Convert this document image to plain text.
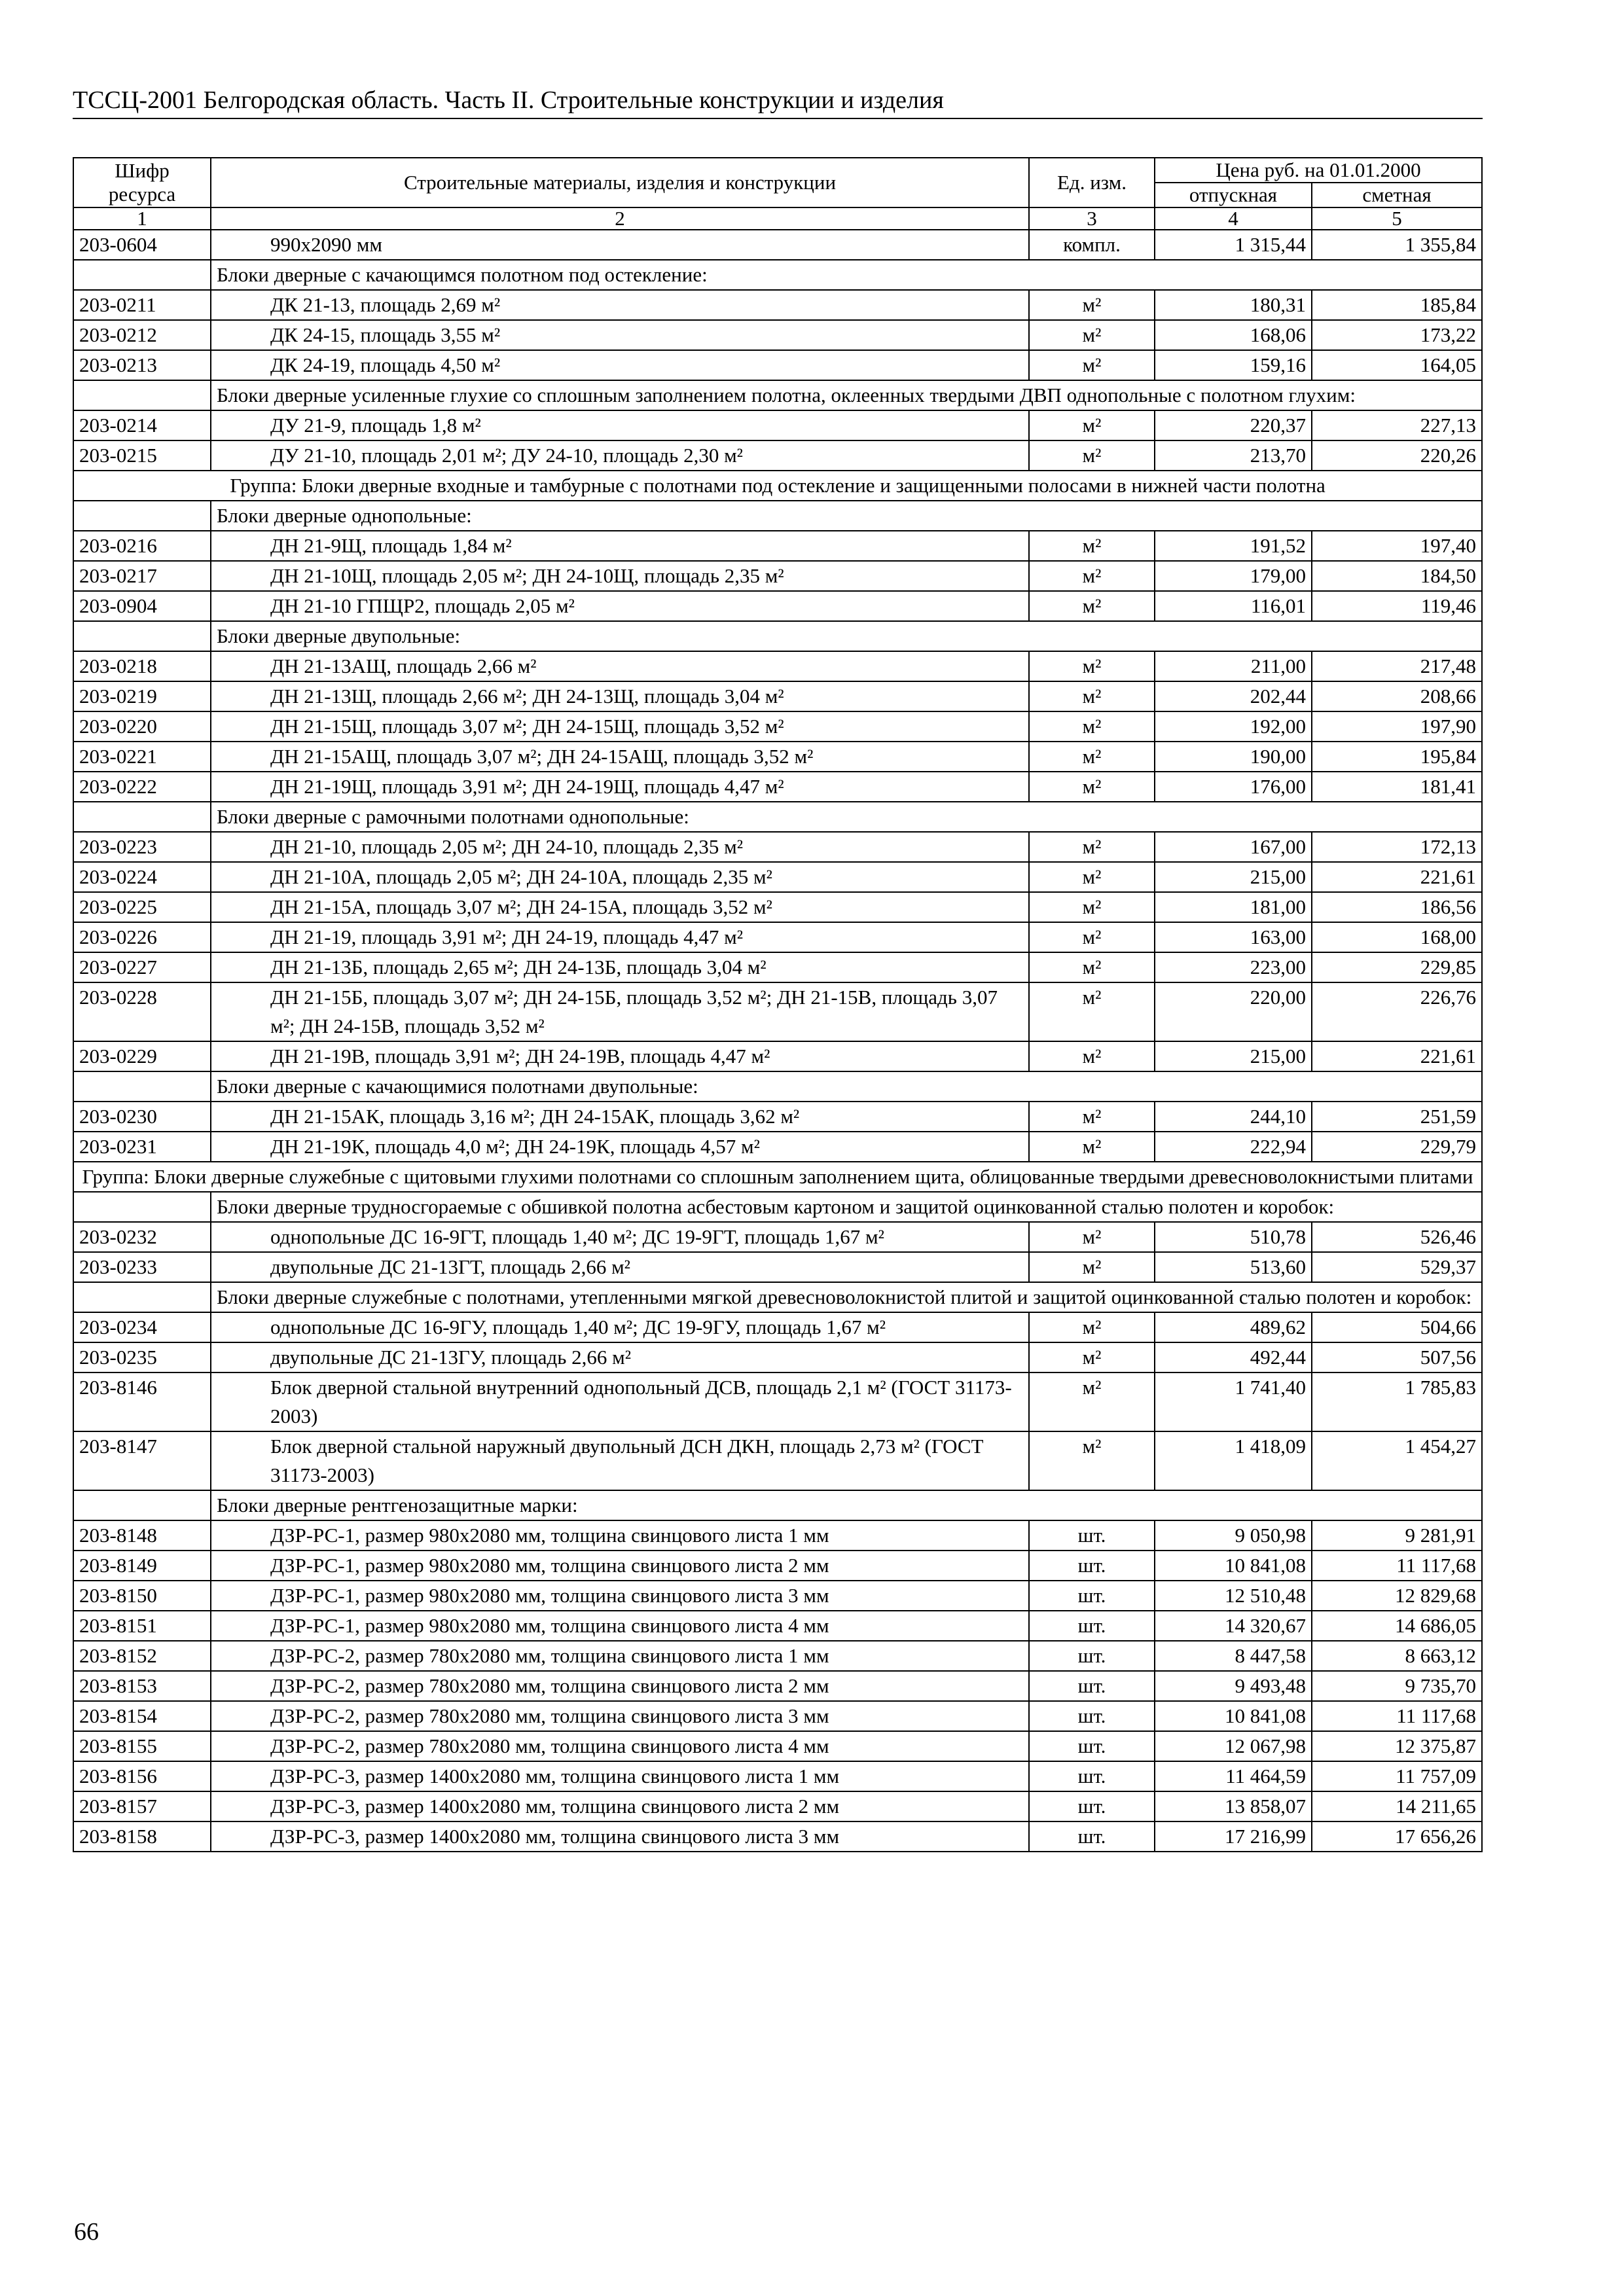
ТССЦ-2001 Белгородская область. Часть II. Строительные конструкции и изделия
Шифр ресурса	Строительные материалы, изделия и конструкции	Ед. изм.	Цена руб. на 01.01.2000	
			отпускная	сметная
1	2	3	4	5
203-0604	990x2090 мм	компл.	1 315,44	1 355,84
	Блоки дверные с качающимся полотном под остекление:			
203-0211	ДК 21-13, площадь 2,69 м²	м²	180,31	185,84
203-0212	ДК 24-15, площадь 3,55 м²	м²	168,06	173,22
203-0213	ДК 24-19, площадь 4,50 м²	м²	159,16	164,05
	Блоки дверные усиленные глухие со сплошным заполнением полотна, оклеенных твердыми ДВП однопольные с полотном глухим:			
203-0214	ДУ 21-9, площадь 1,8 м²	м²	220,37	227,13
203-0215	ДУ 21-10, площадь 2,01 м²; ДУ 24-10, площадь 2,30 м²	м²	213,70	220,26
Группа: Блоки дверные входные и тамбурные с полотнами под остекление и защищенными полосами в нижней части полотна				
	Блоки дверные однопольные:			
203-0216	ДН 21-9Щ, площадь 1,84 м²	м²	191,52	197,40
203-0217	ДН 21-10Щ, площадь 2,05 м²; ДН 24-10Щ, площадь 2,35 м²	м²	179,00	184,50
203-0904	ДН 21-10 ГПЩР2, площадь 2,05 м²	м²	116,01	119,46
	Блоки дверные двупольные:			
203-0218	ДН 21-13АЩ, площадь 2,66 м²	м²	211,00	217,48
203-0219	ДН 21-13Щ, площадь 2,66 м²; ДН 24-13Щ, площадь 3,04 м²	м²	202,44	208,66
203-0220	ДН 21-15Щ, площадь 3,07 м²; ДН 24-15Щ, площадь 3,52 м²	м²	192,00	197,90
203-0221	ДН 21-15АЩ, площадь 3,07 м²; ДН 24-15АЩ, площадь 3,52 м²	м²	190,00	195,84
203-0222	ДН 21-19Щ, площадь 3,91 м²; ДН 24-19Щ, площадь 4,47 м²	м²	176,00	181,41
	Блоки дверные с рамочными полотнами однопольные:			
203-0223	ДН 21-10, площадь 2,05 м²; ДН 24-10, площадь 2,35 м²	м²	167,00	172,13
203-0224	ДН 21-10А, площадь 2,05 м²; ДН 24-10А, площадь 2,35 м²	м²	215,00	221,61
203-0225	ДН 21-15А, площадь 3,07 м²; ДН 24-15А, площадь 3,52 м²	м²	181,00	186,56
203-0226	ДН 21-19, площадь 3,91 м²; ДН 24-19, площадь 4,47 м²	м²	163,00	168,00
203-0227	ДН 21-13Б, площадь 2,65 м²; ДН 24-13Б, площадь 3,04 м²	м²	223,00	229,85
203-0228	ДН 21-15Б, площадь 3,07 м²; ДН 24-15Б, площадь 3,52 м²; ДН 21-15В, площадь 3,07 м²; ДН 24-15В, площадь 3,52 м²	м²	220,00	226,76
203-0229	ДН 21-19В, площадь 3,91 м²; ДН 24-19В, площадь 4,47 м²	м²	215,00	221,61
	Блоки дверные с качающимися полотнами двупольные:			
203-0230	ДН 21-15АК, площадь 3,16 м²; ДН 24-15АК, площадь 3,62 м²	м²	244,10	251,59
203-0231	ДН 21-19К, площадь 4,0 м²; ДН 24-19К, площадь 4,57 м²	м²	222,94	229,79
Группа: Блоки дверные служебные с щитовыми глухими полотнами со сплошным заполнением щита, облицованные твердыми древесноволокнистыми плитами				
	Блоки дверные трудносгораемые с обшивкой полотна асбестовым картоном и защитой оцинкованной сталью полотен и коробок:			
203-0232	однопольные ДС 16-9ГТ, площадь 1,40 м²; ДС 19-9ГТ, площадь 1,67 м²	м²	510,78	526,46
203-0233	двупольные ДС 21-13ГТ, площадь 2,66 м²	м²	513,60	529,37
	Блоки дверные служебные с полотнами, утепленными мягкой древесноволокнистой плитой и защитой оцинкованной сталью полотен и коробок:			
203-0234	однопольные ДС 16-9ГУ, площадь 1,40 м²; ДС 19-9ГУ, площадь 1,67 м²	м²	489,62	504,66
203-0235	двупольные ДС 21-13ГУ, площадь 2,66 м²	м²	492,44	507,56
203-8146	Блок дверной стальной внутренний однопольный ДСВ, площадь 2,1 м² (ГОСТ 31173-2003)	м²	1 741,40	1 785,83
203-8147	Блок дверной стальной наружный двупольный ДСН ДКН, площадь 2,73 м² (ГОСТ 31173-2003)	м²	1 418,09	1 454,27
	Блоки дверные рентгенозащитные марки:			
203-8148	ДЗР-РС-1, размер 980x2080 мм, толщина свинцового листа 1 мм	шт.	9 050,98	9 281,91
203-8149	ДЗР-РС-1, размер 980x2080 мм, толщина свинцового листа 2 мм	шт.	10 841,08	11 117,68
203-8150	ДЗР-РС-1, размер 980x2080 мм, толщина свинцового листа 3 мм	шт.	12 510,48	12 829,68
203-8151	ДЗР-РС-1, размер 980x2080 мм, толщина свинцового листа 4 мм	шт.	14 320,67	14 686,05
203-8152	ДЗР-РС-2, размер 780x2080 мм, толщина свинцового листа 1 мм	шт.	8 447,58	8 663,12
203-8153	ДЗР-РС-2, размер 780x2080 мм, толщина свинцового листа 2 мм	шт.	9 493,48	9 735,70
203-8154	ДЗР-РС-2, размер 780x2080 мм, толщина свинцового листа 3 мм	шт.	10 841,08	11 117,68
203-8155	ДЗР-РС-2, размер 780x2080 мм, толщина свинцового листа 4 мм	шт.	12 067,98	12 375,87
203-8156	ДЗР-РС-3, размер 1400x2080 мм, толщина свинцового листа 1 мм	шт.	11 464,59	11 757,09
203-8157	ДЗР-РС-3, размер 1400x2080 мм, толщина свинцового листа 2 мм	шт.	13 858,07	14 211,65
203-8158	ДЗР-РС-3, размер 1400x2080 мм, толщина свинцового листа 3 мм	шт.	17 216,99	17 656,26
66
